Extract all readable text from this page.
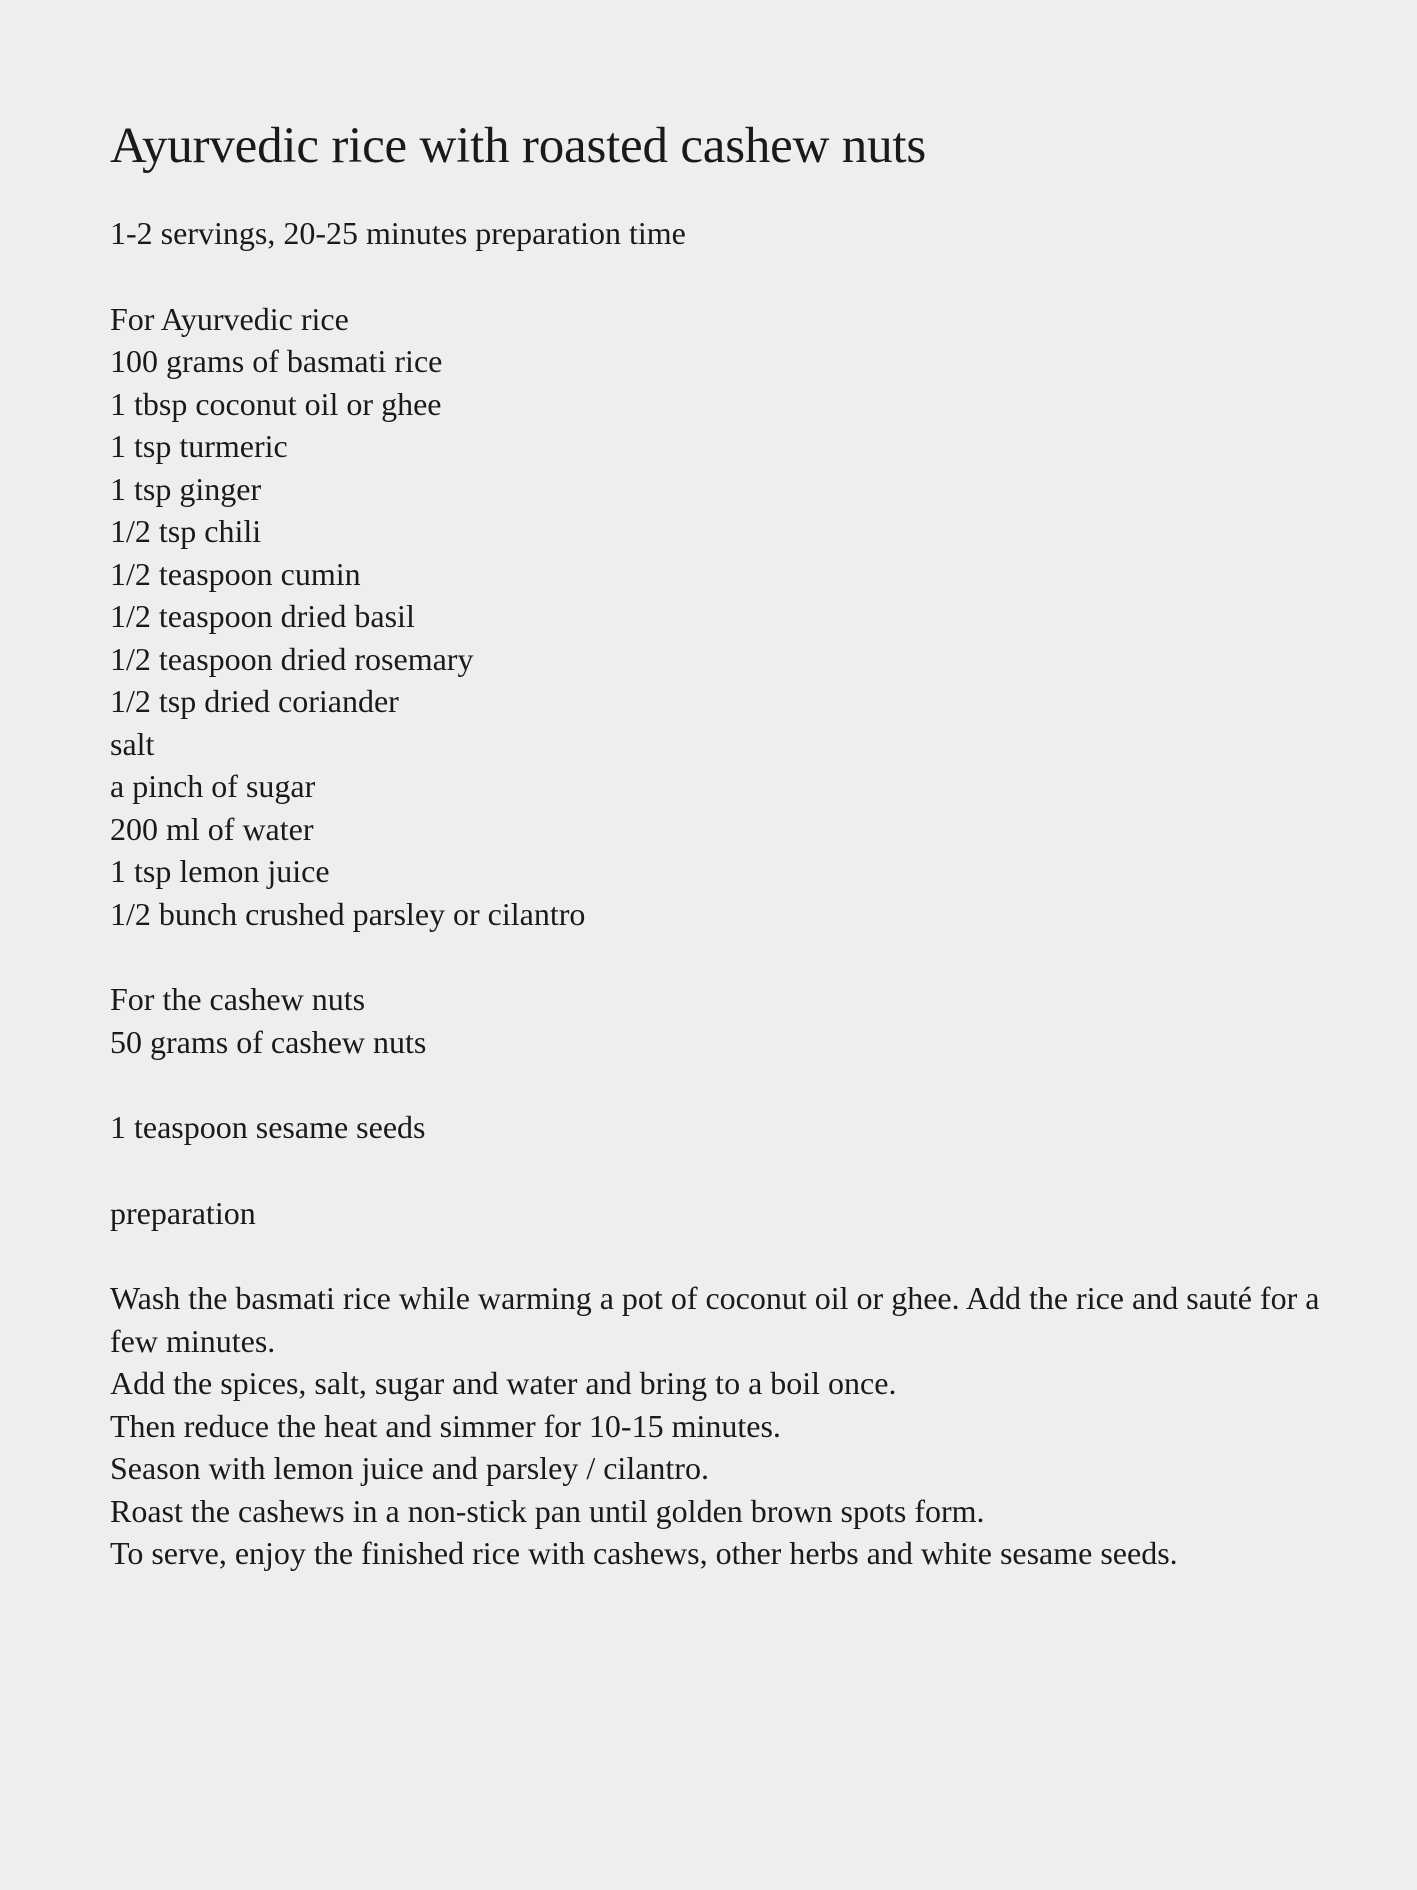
Ayurvedic rice with roasted cashew nuts

1-2 servings, 20-25 minutes preparation time

For Ayurvedic rice
100 grams of basmati rice
1 tbsp coconut oil or ghee
1 tsp turmeric
1 tsp ginger
1/2 tsp chili
1/2 teaspoon cumin
1/2 teaspoon dried basil
1/2 teaspoon dried rosemary
1/2 tsp dried coriander
salt
a pinch of sugar
200 ml of water
1 tsp lemon juice
1/2 bunch crushed parsley or cilantro
For the cashew nuts
50 grams of cashew nuts
1 teaspoon sesame seeds
preparation
Wash the basmati rice while warming a pot of coconut oil or ghee. Add the rice and sauté for a few minutes.
Add the spices, salt, sugar and water and bring to a boil once.
Then reduce the heat and simmer for 10-15 minutes.
Season with lemon juice and parsley / cilantro.
Roast the cashews in a non-stick pan until golden brown spots form.
To serve, enjoy the finished rice with cashews, other herbs and white sesame seeds.
